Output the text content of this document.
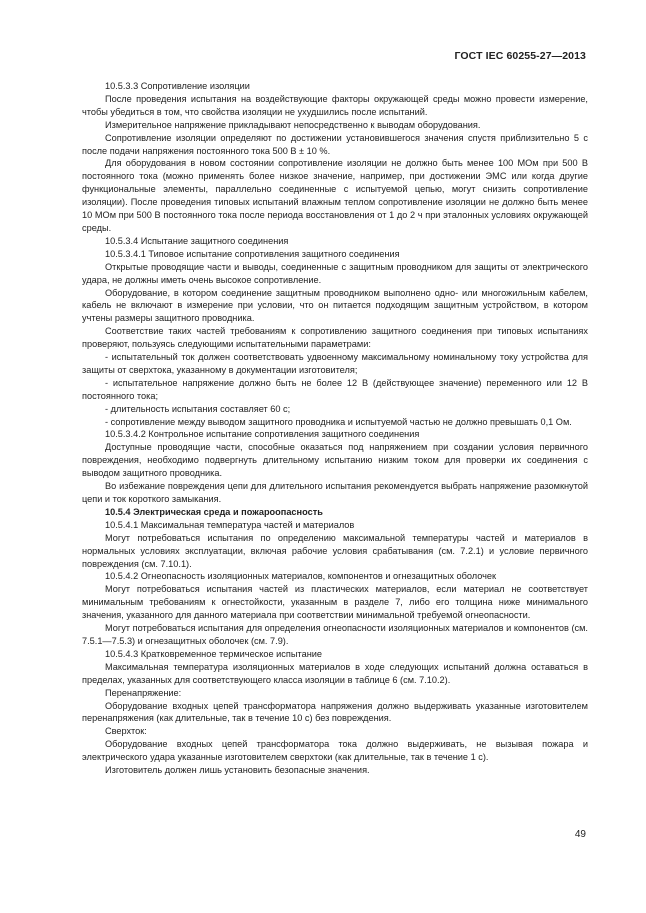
ГОСТ IEC 60255-27—2013

10.5.3.3 Сопротивление изоляции

После проведения испытания на воздействующие факторы окружающей среды можно провести измерение, чтобы убедиться в том, что свойства изоляции не ухудшились после испытаний.

Измерительное напряжение прикладывают непосредственно к выводам оборудования.

Сопротивление изоляции определяют по достижении установившегося значения спустя приблизительно 5 с после подачи напряжения постоянного тока 500 В ± 10 %.

Для оборудования в новом состоянии сопротивление изоляции не должно быть менее 100 МОм при 500 В постоянного тока (можно применять более низкое значение, например, при достижении ЭМС или когда другие функциональные элементы, параллельно соединенные с испытуемой цепью, могут снизить сопротивление изоляции). После проведения типовых испытаний влажным теплом сопротивление изоляции не должно быть менее 10 МОм при 500 В постоянного тока после периода восстановления от 1 до 2 ч при эталонных условиях окружающей среды.

10.5.3.4 Испытание защитного соединения

10.5.3.4.1 Типовое испытание сопротивления защитного соединения

Открытые проводящие части и выводы, соединенные с защитным проводником для защиты от электрического удара, не должны иметь очень высокое сопротивление.

Оборудование, в котором соединение защитным проводником выполнено одно- или многожильным кабелем, кабель не включают в измерение при условии, что он питается подходящим защитным устройством, в котором учтены размеры защитного проводника.

Соответствие таких частей требованиям к сопротивлению защитного соединения при типовых испытаниях проверяют, пользуясь следующими испытательными параметрами:

- испытательный ток должен соответствовать удвоенному максимальному номинальному току устройства для защиты от сверхтока, указанному в документации изготовителя;

- испытательное напряжение должно быть не более 12 В (действующее значение) переменного или 12 В постоянного тока;

- длительность испытания составляет 60 с;

- сопротивление между выводом защитного проводника и испытуемой частью не должно превышать 0,1 Ом.

10.5.3.4.2 Контрольное испытание сопротивления защитного соединения

Доступные проводящие части, способные оказаться под напряжением при создании условия первичного повреждения, необходимо подвергнуть длительному испытанию низким током для проверки их соединения с выводом защитного проводника.

Во избежание повреждения цепи для длительного испытания рекомендуется выбрать напряжение разомкнутой цепи и ток короткого замыкания.

10.5.4 Электрическая среда и пожароопасность

10.5.4.1 Максимальная температура частей и материалов

Могут потребоваться испытания по определению максимальной температуры частей и материалов в нормальных условиях эксплуатации, включая рабочие условия срабатывания (см. 7.2.1) и условие первичного повреждения (см. 7.10.1).

10.5.4.2 Огнеопасность изоляционных материалов, компонентов и огнезащитных оболочек

Могут потребоваться испытания частей из пластических материалов, если материал не соответствует минимальным требованиям к огнестойкости, указанным в разделе 7, либо его толщина ниже минимального значения, указанного для данного материала при соответствии минимальной требуемой огнеопасности.

Могут потребоваться испытания для определения огнеопасности изоляционных материалов и компонентов (см. 7.5.1—7.5.3) и огнезащитных оболочек (см. 7.9).

10.5.4.3 Кратковременное термическое испытание

Максимальная температура изоляционных материалов в ходе следующих испытаний должна оставаться в пределах, указанных для соответствующего класса изоляции в таблице 6 (см. 7.10.2).

Перенапряжение:

Оборудование входных цепей трансформатора напряжения должно выдерживать указанные изготовителем перенапряжения (как длительные, так в течение 10 с) без повреждения.

Сверхток:

Оборудование входных цепей трансформатора тока должно выдерживать, не вызывая пожара и электрического удара указанные изготовителем сверхтоки (как длительные, так в течение 1 с).

Изготовитель должен лишь установить безопасные значения.

49
